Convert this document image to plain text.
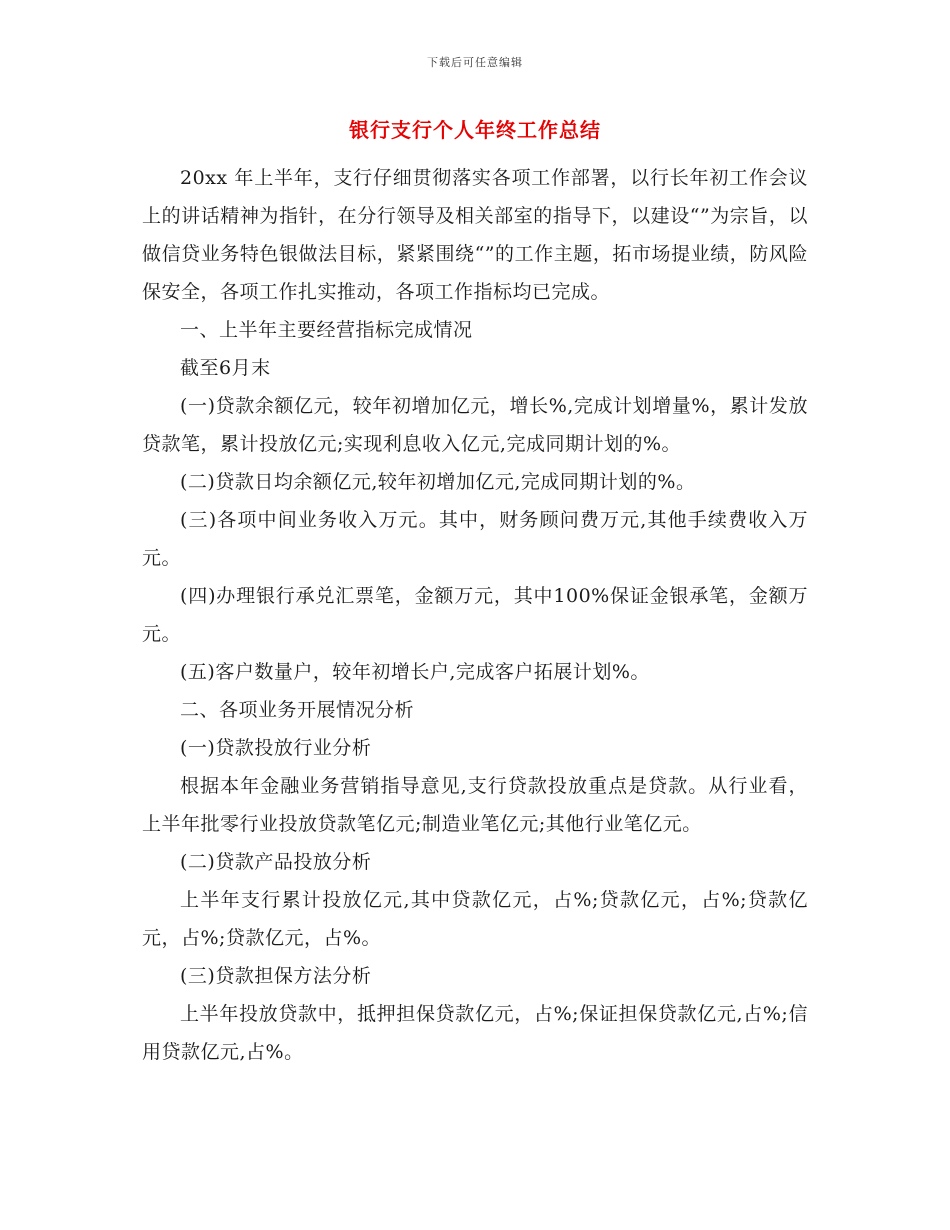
下载后可任意编辑
银行支行个人年终工作总结

20xx 年上半年，支行仔细贯彻落实各项工作部署，以行长年初工作会议上的讲话精神为指针，在分行领导及相关部室的指导下，以建设“”为宗旨，以做信贷业务特色银做法目标，紧紧围绕“”的工作主题，拓市场提业绩，防风险保安全，各项工作扎实推动，各项工作指标均已完成。

一、上半年主要经营指标完成情况

截至6月末

(一)贷款余额亿元，较年初增加亿元，增长%,完成计划增量%，累计发放贷款笔，累计投放亿元;实现利息收入亿元,完成同期计划的%。

(二)贷款日均余额亿元,较年初增加亿元,完成同期计划的%。

(三)各项中间业务收入万元。其中，财务顾问费万元,其他手续费收入万元。

(四)办理银行承兑汇票笔，金额万元，其中100%保证金银承笔，金额万元。

(五)客户数量户，较年初增长户,完成客户拓展计划%。

二、各项业务开展情况分析

(一)贷款投放行业分析

根据本年金融业务营销指导意见,支行贷款投放重点是贷款。从行业看，上半年批零行业投放贷款笔亿元;制造业笔亿元;其他行业笔亿元。

(二)贷款产品投放分析

上半年支行累计投放亿元,其中贷款亿元，占%;贷款亿元，占%;贷款亿元，占%;贷款亿元，占%。

(三)贷款担保方法分析

上半年投放贷款中，抵押担保贷款亿元，占%;保证担保贷款亿元,占%;信用贷款亿元,占%。
